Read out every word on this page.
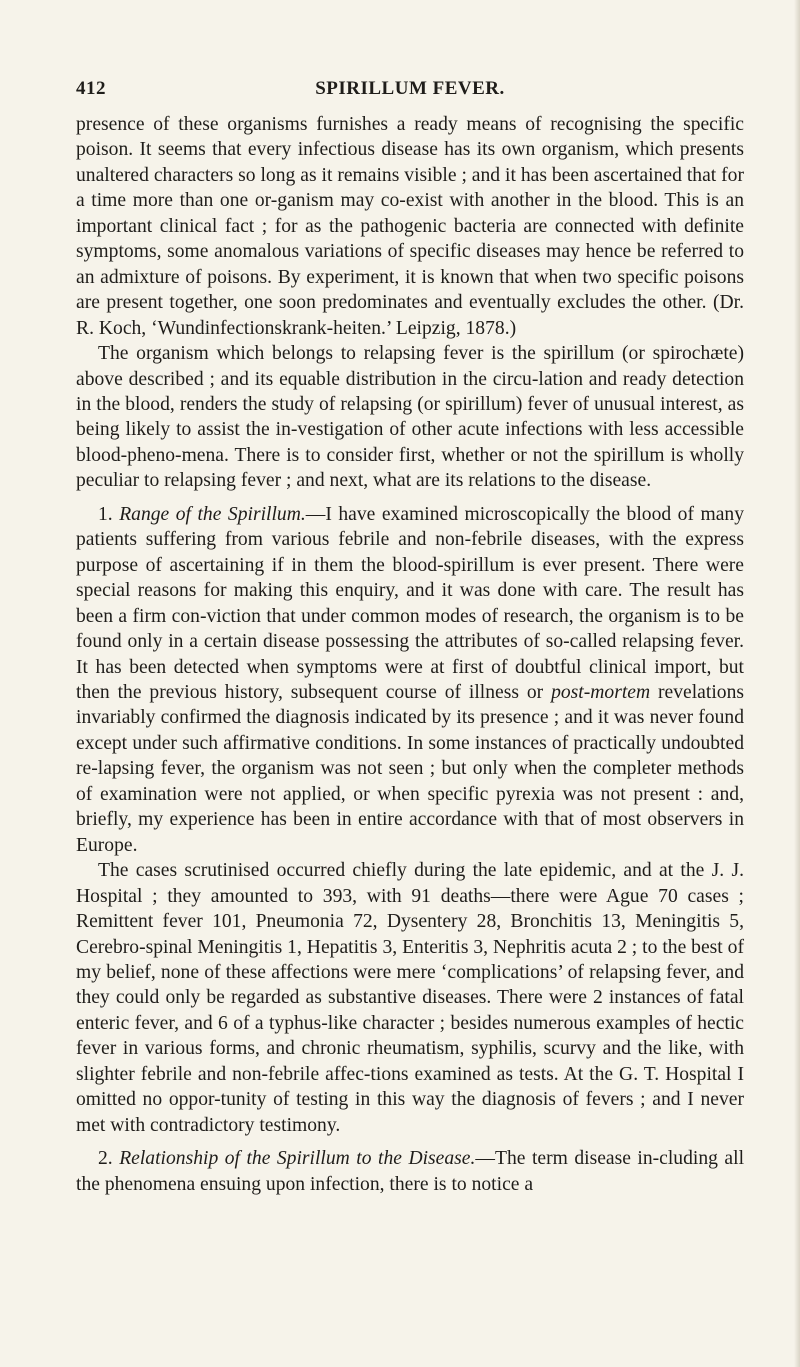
412	SPIRILLUM FEVER.

presence of these organisms furnishes a ready means of recognising the specific poison. It seems that every infectious disease has its own organism, which presents unaltered characters so long as it remains visible ; and it has been ascertained that for a time more than one or-ganism may co-exist with another in the blood. This is an important clinical fact ; for as the pathogenic bacteria are connected with definite symptoms, some anomalous variations of specific diseases may hence be referred to an admixture of poisons. By experiment, it is known that when two specific poisons are present together, one soon predominates and eventually excludes the other. (Dr. R. Koch, ‘Wundinfectionskrank-heiten.’ Leipzig, 1878.)

The organism which belongs to relapsing fever is the spirillum (or spirochæte) above described ; and its equable distribution in the circu-lation and ready detection in the blood, renders the study of relapsing (or spirillum) fever of unusual interest, as being likely to assist the in-vestigation of other acute infections with less accessible blood-pheno-mena. There is to consider first, whether or not the spirillum is wholly peculiar to relapsing fever ; and next, what are its relations to the disease.

1. Range of the Spirillum.—I have examined microscopically the blood of many patients suffering from various febrile and non-febrile diseases, with the express purpose of ascertaining if in them the blood-spirillum is ever present. There were special reasons for making this enquiry, and it was done with care. The result has been a firm con-viction that under common modes of research, the organism is to be found only in a certain disease possessing the attributes of so-called relapsing fever. It has been detected when symptoms were at first of doubtful clinical import, but then the previous history, subsequent course of illness or post-mortem revelations invariably confirmed the diagnosis indicated by its presence ; and it was never found except under such affirmative conditions. In some instances of practically undoubted re-lapsing fever, the organism was not seen ; but only when the completer methods of examination were not applied, or when specific pyrexia was not present : and, briefly, my experience has been in entire accordance with that of most observers in Europe.

The cases scrutinised occurred chiefly during the late epidemic, and at the J. J. Hospital ; they amounted to 393, with 91 deaths—there were Ague 70 cases ; Remittent fever 101, Pneumonia 72, Dysentery 28, Bronchitis 13, Meningitis 5, Cerebro-spinal Meningitis 1, Hepatitis 3, Enteritis 3, Nephritis acuta 2 ; to the best of my belief, none of these affections were mere ‘complications’ of relapsing fever, and they could only be regarded as substantive diseases. There were 2 instances of fatal enteric fever, and 6 of a typhus-like character ; besides numerous examples of hectic fever in various forms, and chronic rheumatism, syphilis, scurvy and the like, with slighter febrile and non-febrile affec-tions examined as tests. At the G. T. Hospital I omitted no oppor-tunity of testing in this way the diagnosis of fevers ; and I never met with contradictory testimony.

2. Relationship of the Spirillum to the Disease.—The term disease in-cluding all the phenomena ensuing upon infection, there is to notice a
